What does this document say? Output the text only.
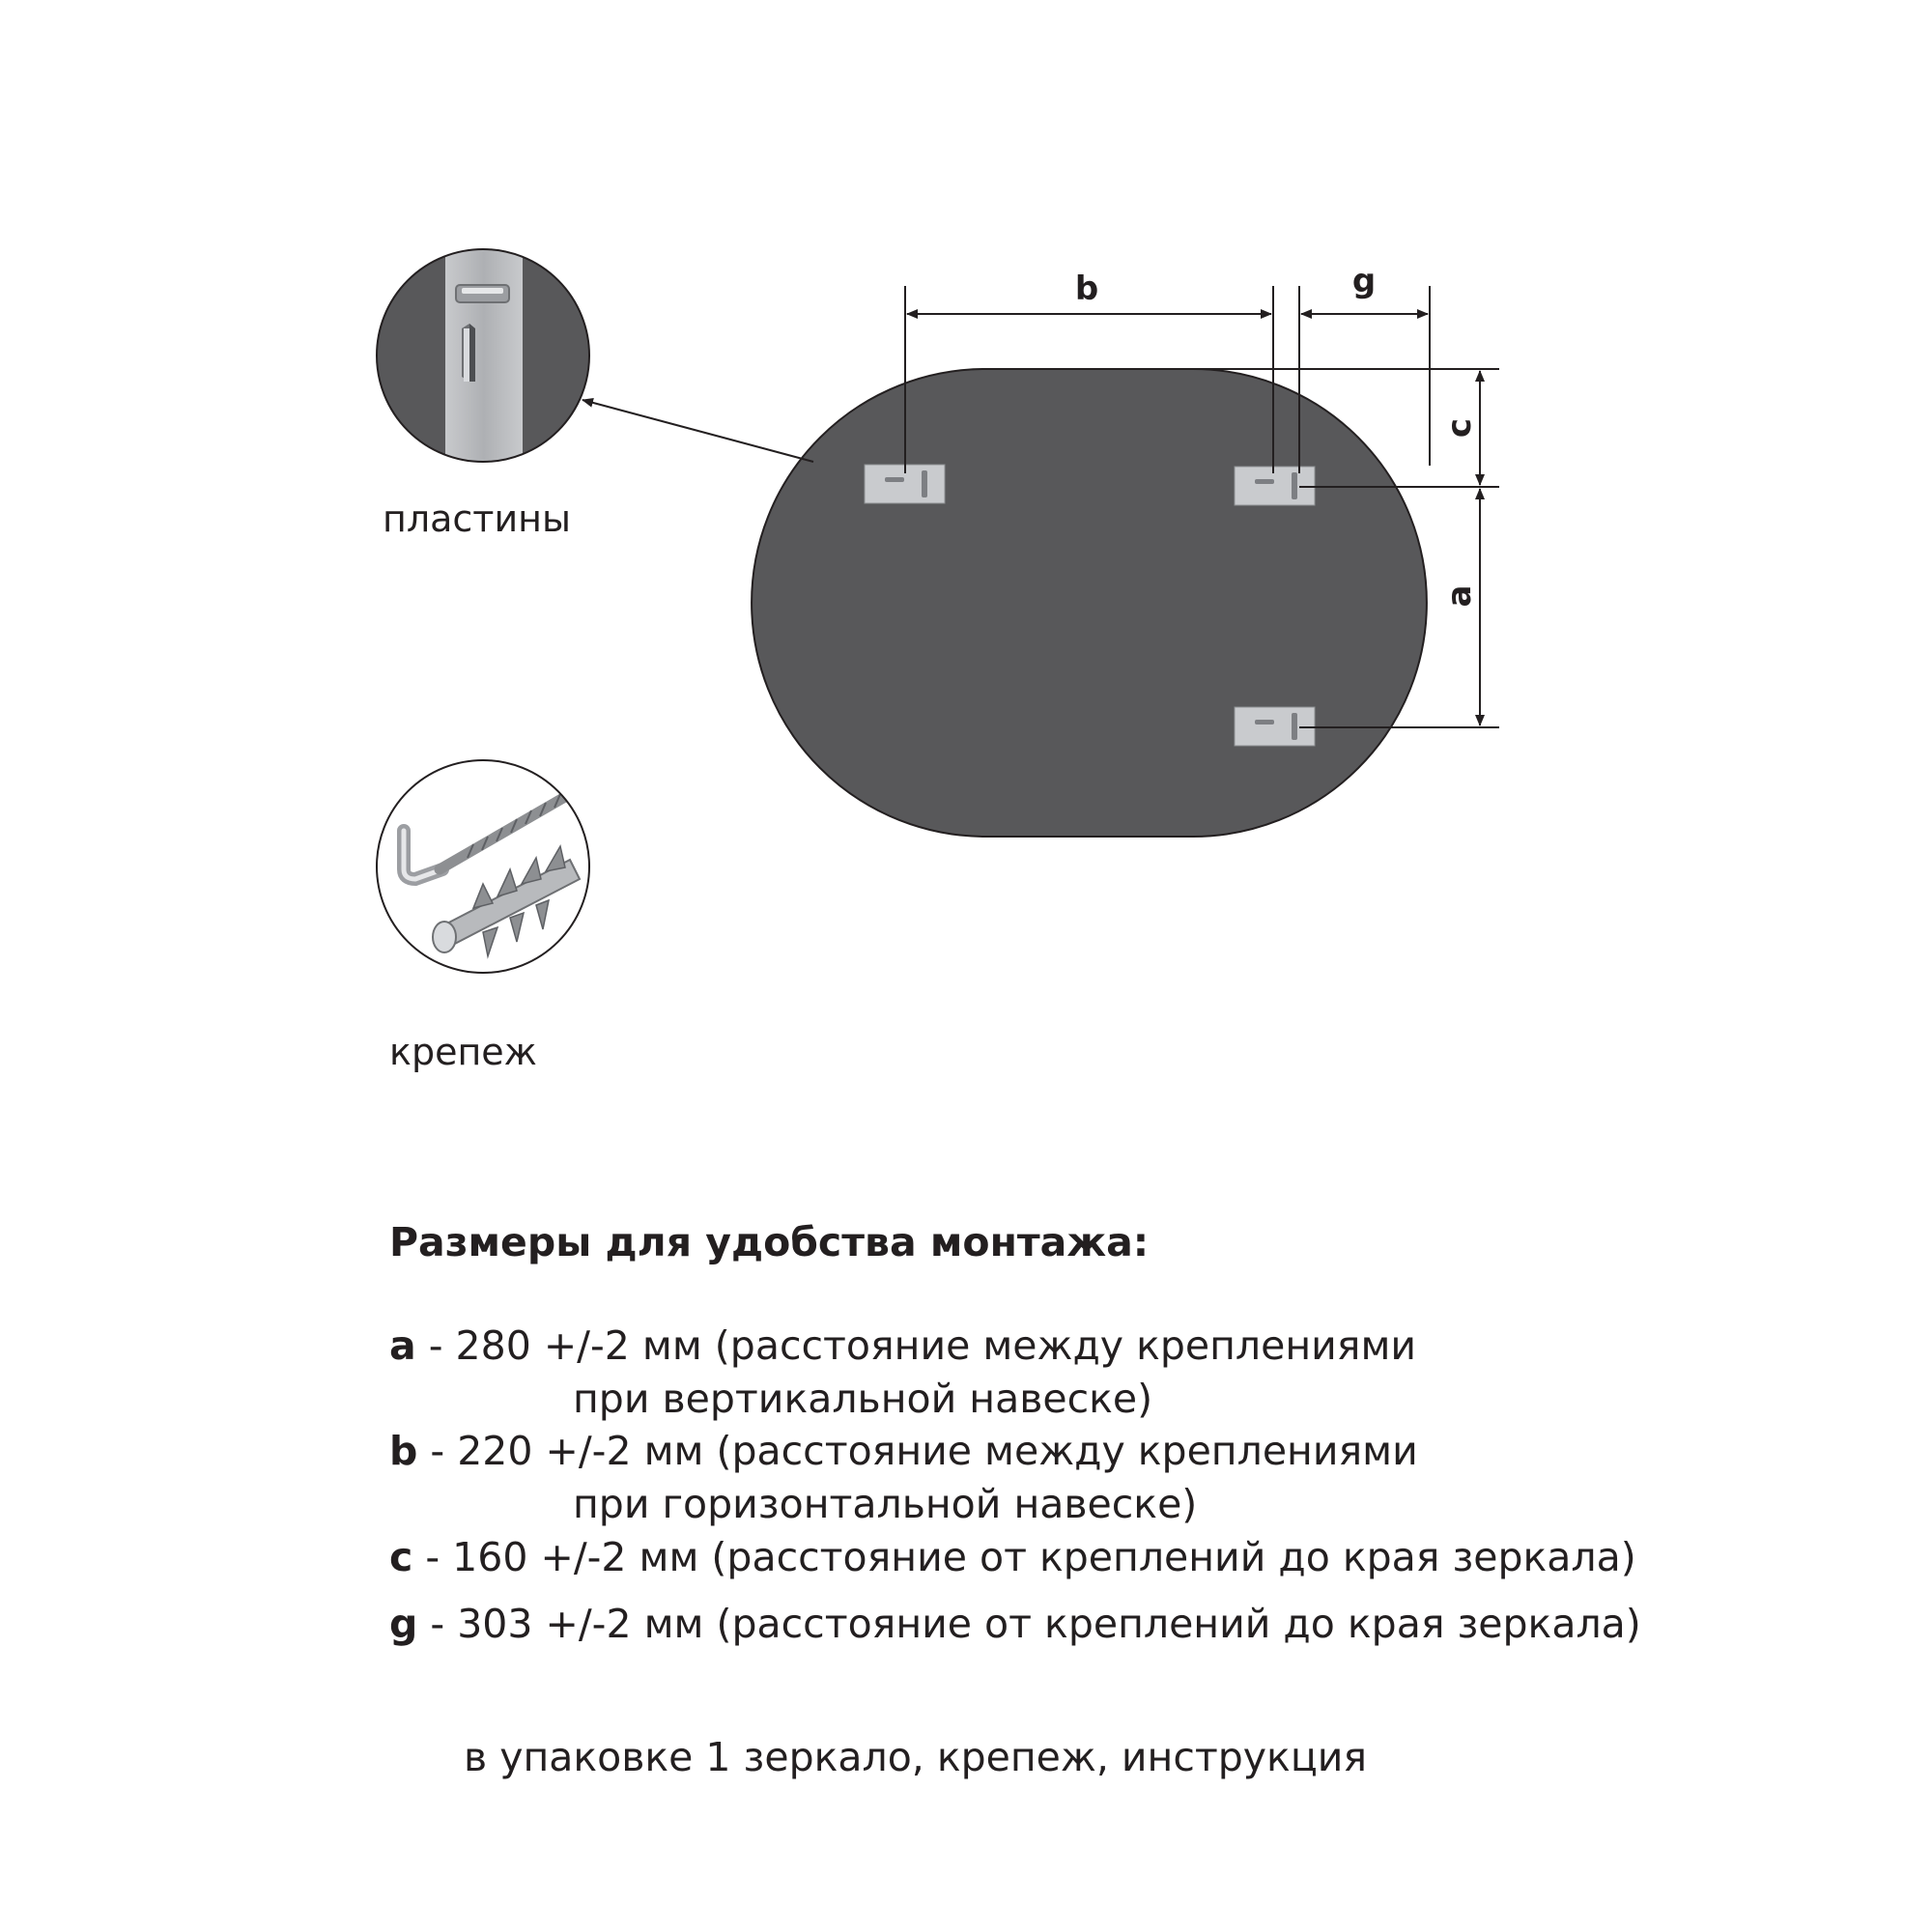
b	g
c
a
пластины
крепеж
Размеры для удобства монтажа:
a - 280 +/-2 мм (расстояние между креплениями
при вертикальной навеске)
b - 220 +/-2 мм (расстояние между креплениями
при горизонтальной навеске)
c - 160 +/-2 мм (расстояние от креплений до края зеркала)
g - 303 +/-2 мм (расстояние от креплений до края зеркала)
в упаковке 1 зеркало, крепеж, инструкция
